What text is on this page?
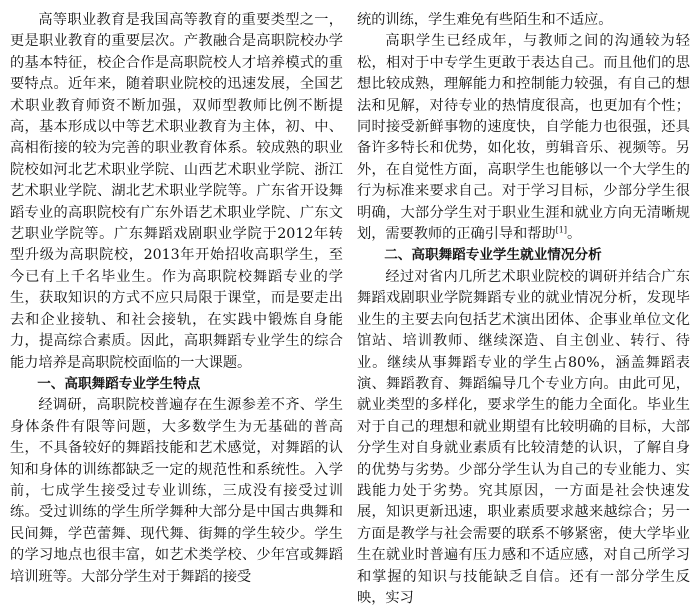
高等职业教育是我国高等教育的重要类型之一，更是职业教育的重要层次。产教融合是高职院校办学的基本特征，校企合作是高职院校人才培养模式的重要特点。近年来，随着职业院校的迅速发展，全国艺术职业教育师资不断加强，双师型教师比例不断提高，基本形成以中等艺术职业教育为主体，初、中、高相衔接的较为完善的职业教育体系。较成熟的职业院校如河北艺术职业学院、山西艺术职业学院、浙江艺术职业学院、湖北艺术职业学院等。广东省开设舞蹈专业的高职院校有广东外语艺术职业学院、广东文艺职业学院等。广东舞蹈戏剧职业学院于2012年转型升级为高职院校，2013年开始招收高职学生，至今已有上千名毕业生。作为高职院校舞蹈专业的学生，获取知识的方式不应只局限于课堂，而是要走出去和企业接轨、和社会接轨，在实践中锻炼自身能力，提高综合素质。因此，高职舞蹈专业学生的综合能力培养是高职院校面临的一大课题。

一、高职舞蹈专业学生特点

经调研，高职院校普遍存在生源参差不齐、学生身体条件有限等问题，大多数学生为无基础的普高生，不具备较好的舞蹈技能和艺术感觉，对舞蹈的认知和身体的训练都缺乏一定的规范性和系统性。入学前，七成学生接受过专业训练，三成没有接受过训练。受过训练的学生所学舞种大部分是中国古典舞和民间舞，学芭蕾舞、现代舞、街舞的学生较少。学生的学习地点也很丰富，如艺术类学校、少年宫或舞蹈培训班等。大部分学生对于舞蹈的接受

统的训练，学生难免有些陌生和不适应。

高职学生已经成年，与教师之间的沟通较为轻松，相对于中专学生更敢于表达自己。而且他们的思想比较成熟，理解能力和控制能力较强，有自己的想法和见解，对待专业的热情度很高，也更加有个性；同时接受新鲜事物的速度快，自学能力也很强，还具备许多特长和优势，如化妆，剪辑音乐、视频等。另外，在自觉性方面，高职学生也能够以一个大学生的行为标准来要求自己。对于学习目标，少部分学生很明确，大部分学生对于职业生涯和就业方向无清晰规划，需要教师的正确引导和帮助[1]。

二、高职舞蹈专业学生就业情况分析

经过对省内几所艺术职业院校的调研并结合广东舞蹈戏剧职业学院舞蹈专业的就业情况分析，发现毕业生的主要去向包括艺术演出团体、企事业单位文化馆站、培训教师、继续深造、自主创业、转行、待业。继续从事舞蹈专业的学生占80%，涵盖舞蹈表演、舞蹈教育、舞蹈编导几个专业方向。由此可见，就业类型的多样化，要求学生的能力全面化。毕业生对于自己的理想和就业期望有比较明确的目标，大部分学生对自身就业素质有比较清楚的认识，了解自身的优势与劣势。少部分学生认为自己的专业能力、实践能力处于劣势。究其原因，一方面是社会快速发展，知识更新迅速，职业素质要求越来越综合；另一方面是教学与社会需要的联系不够紧密，使大学毕业生在就业时普遍有压力感和不适应感，对自己所学习和掌握的知识与技能缺乏自信。还有一部分学生反映，实习
